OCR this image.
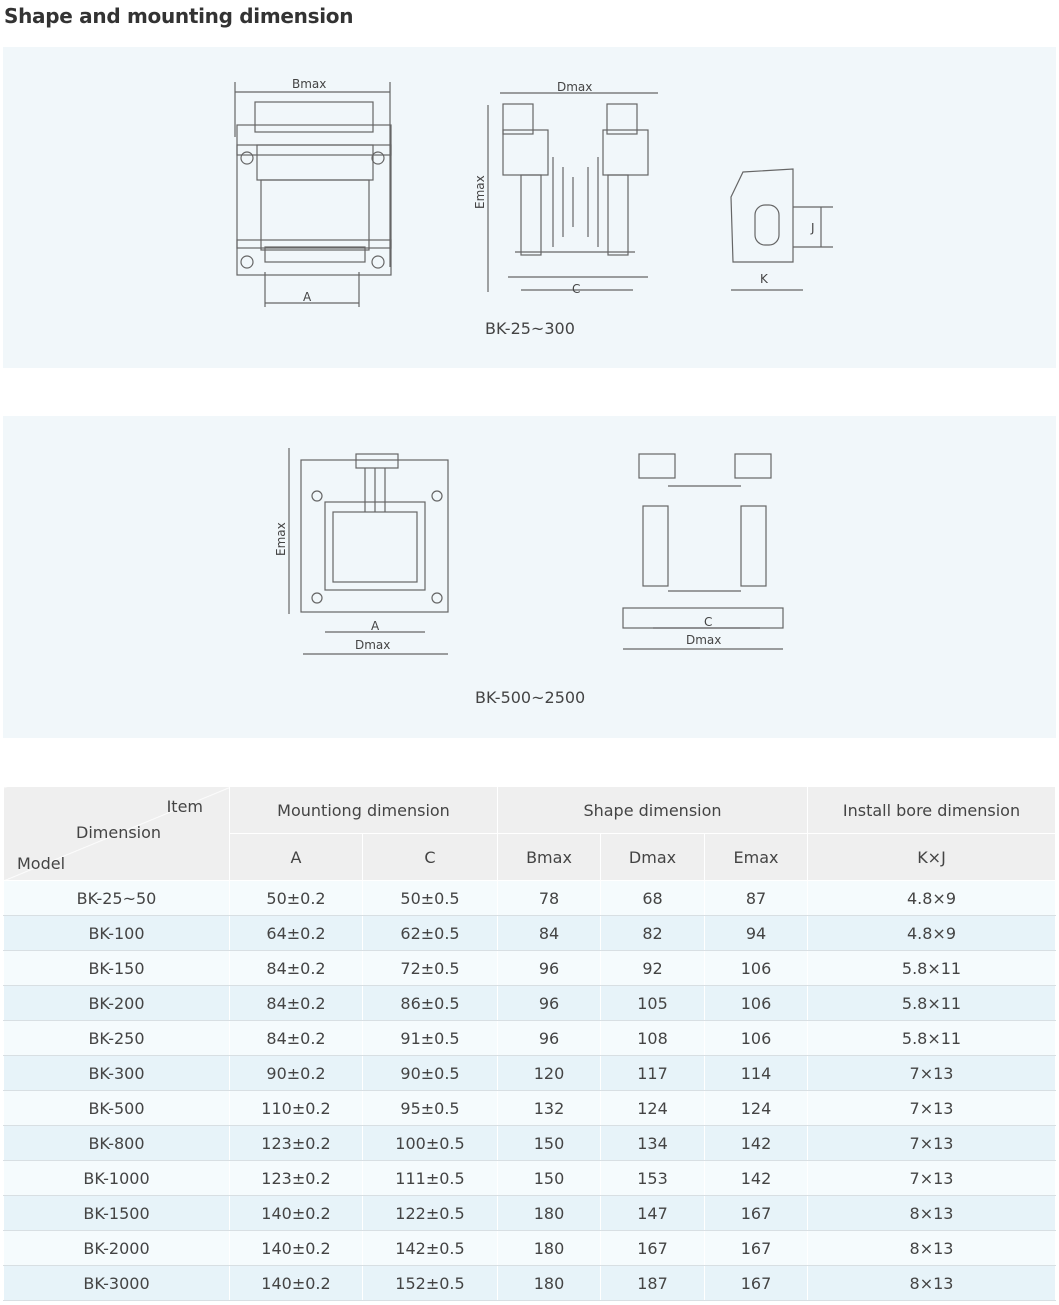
Shape and mounting dimension
Bmax
A
Dmax
Emax
C
J
K
BK-25~300
Emax
A
Dmax
C
Dmax
BK-500~2500
Item
Dimension
Model	Mountiong dimension		Shape dimension			Install bore dimension
	A	C	Bmax	Dmax	Emax	K×J
BK-25~50	50±0.2	50±0.5	78	68	87	4.8×9
BK-100	64±0.2	62±0.5	84	82	94	4.8×9
BK-150	84±0.2	72±0.5	96	92	106	5.8×11
BK-200	84±0.2	86±0.5	96	105	106	5.8×11
BK-250	84±0.2	91±0.5	96	108	106	5.8×11
BK-300	90±0.2	90±0.5	120	117	114	7×13
BK-500	110±0.2	95±0.5	132	124	124	7×13
BK-800	123±0.2	100±0.5	150	134	142	7×13
BK-1000	123±0.2	111±0.5	150	153	142	7×13
BK-1500	140±0.2	122±0.5	180	147	167	8×13
BK-2000	140±0.2	142±0.5	180	167	167	8×13
BK-3000	140±0.2	152±0.5	180	187	167	8×13
